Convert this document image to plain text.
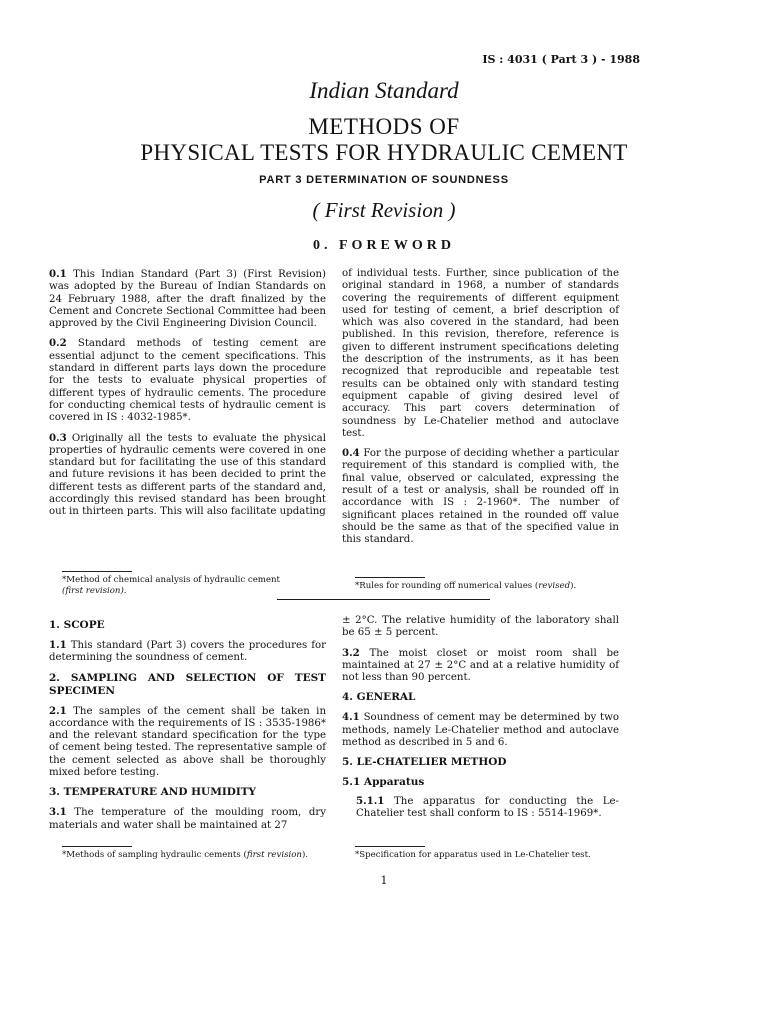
IS : 4031 ( Part 3 ) - 1988
Indian Standard
METHODS OF
PHYSICAL TESTS FOR HYDRAULIC CEMENT
PART 3 DETERMINATION OF SOUNDNESS
( First Revision )
0. FOREWORD

0.1 This Indian Standard (Part 3) (First Revision) was adopted by the Bureau of Indian Standards on 24 February 1988, after the draft finalized by the Cement and Concrete Sectional Committee had been approved by the Civil Engineering Division Council.

0.2 Standard methods of testing cement are essential adjunct to the cement specifications. This standard in different parts lays down the procedure for the tests to evaluate physical properties of different types of hydraulic cements. The procedure for conducting chemical tests of hydraulic cement is covered in IS : 4032-1985*.

0.3 Originally all the tests to evaluate the physical properties of hydraulic cements were covered in one standard but for facilitating the use of this standard and future revisions it has been decided to print the different tests as different parts of the standard and, accordingly this revised standard has been brought out in thirteen parts. This will also facilitate updating

of individual tests. Further, since publication of the original standard in 1968, a number of standards covering the requirements of different equipment used for testing of cement, a brief description of which was also covered in the standard, had been published. In this revision, therefore, reference is given to different instrument specifications deleting the description of the instruments, as it has been recognized that reproducible and repeatable test results can be obtained only with standard testing equipment capable of giving desired level of accuracy. This part covers determination of soundness by Le-Chatelier method and autoclave test.

0.4 For the purpose of deciding whether a particular requirement of this standard is complied with, the final value, observed or calculated, expressing the result of a test or analysis, shall be rounded off in accordance with IS : 2-1960*. The number of significant places retained in the rounded off value should be the same as that of the specified value in this standard.

*Method of chemical analysis of hydraulic cement
(first revision).	*Rules for rounding off numerical values (revised).
1. SCOPE

1.1 This standard (Part 3) covers the procedures for determining the soundness of cement.

2. SAMPLING AND SELECTION OF TEST SPECIMEN

2.1 The samples of the cement shall be taken in accordance with the requirements of IS : 3535-1986* and the relevant standard specification for the type of cement being tested. The representative sample of the cement selected as above shall be thoroughly mixed before testing.

3. TEMPERATURE AND HUMIDITY

3.1 The temperature of the moulding room, dry materials and water shall be maintained at 27

± 2°C. The relative humidity of the laboratory shall be 65 ± 5 percent.

3.2 The moist closet or moist room shall be maintained at 27 ± 2°C and at a relative humidity of not less than 90 percent.

4. GENERAL

4.1 Soundness of cement may be determined by two methods, namely Le-Chatelier method and autoclave method as described in 5 and 6.

5. LE-CHATELIER METHOD
5.1 Apparatus

5.1.1 The apparatus for conducting the Le-Chatelier test shall conform to IS : 5514-1969*.

*Methods of sampling hydraulic cements (first revision).	*Specification for apparatus used in Le-Chatelier test.
1
